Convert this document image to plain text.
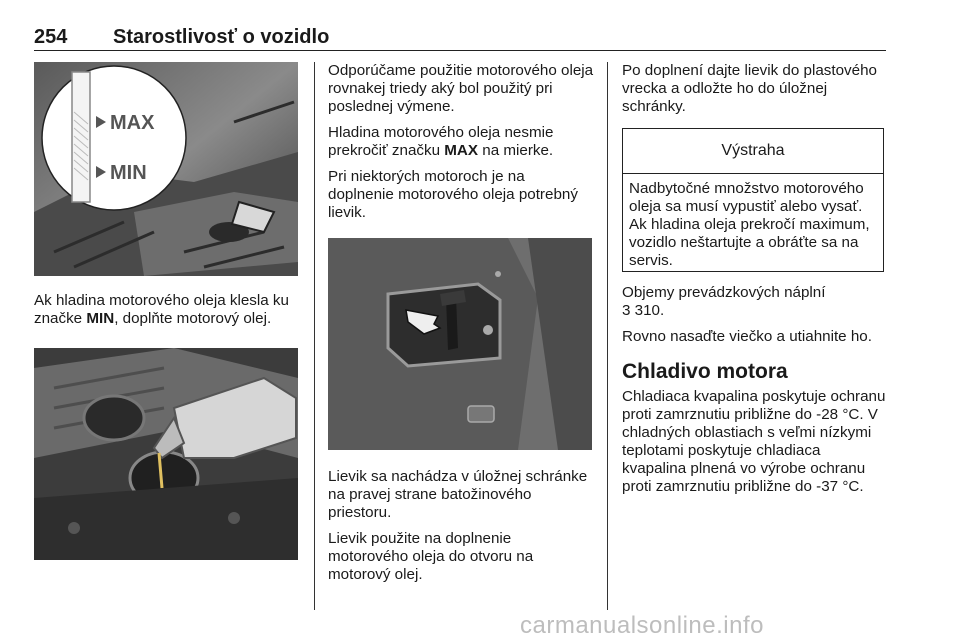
254 Starostlivosť o vozidlo
MAX
MIN

Ak hladina motorového oleja klesla ku značke MIN, doplňte motorový olej.

Odporúčame použitie motorového oleja rovnakej triedy aký bol použitý pri poslednej výmene.

Hladina motorového oleja nesmie prekročiť značku MAX na mierke.

Pri niektorých motoroch je na doplnenie motorového oleja potrebný lievik.

Lievik sa nachádza v úložnej schránke na pravej strane batožinového priestoru.

Lievik použite na doplnenie motorového oleja do otvoru na motorový olej.

Po doplnení dajte lievik do plastového vrecka a odložte ho do úložnej schránky.

Výstraha

Nadbytočné množstvo motorového oleja sa musí vypustiť alebo vysať. Ak hladina oleja prekročí maximum, vozidlo neštartujte a obráťte sa na servis.

Objemy prevádzkových náplní
3 310.

Rovno nasaďte viečko a utiahnite ho.

Chladivo motora

Chladiaca kvapalina poskytuje ochranu proti zamrznutiu približne do -28 °C. V chladných oblastiach s veľmi nízkymi teplotami poskytuje chladiaca kvapalina plnená vo výrobe ochranu proti zamrznutiu približne do -37 °C.

carmanualsonline.info
